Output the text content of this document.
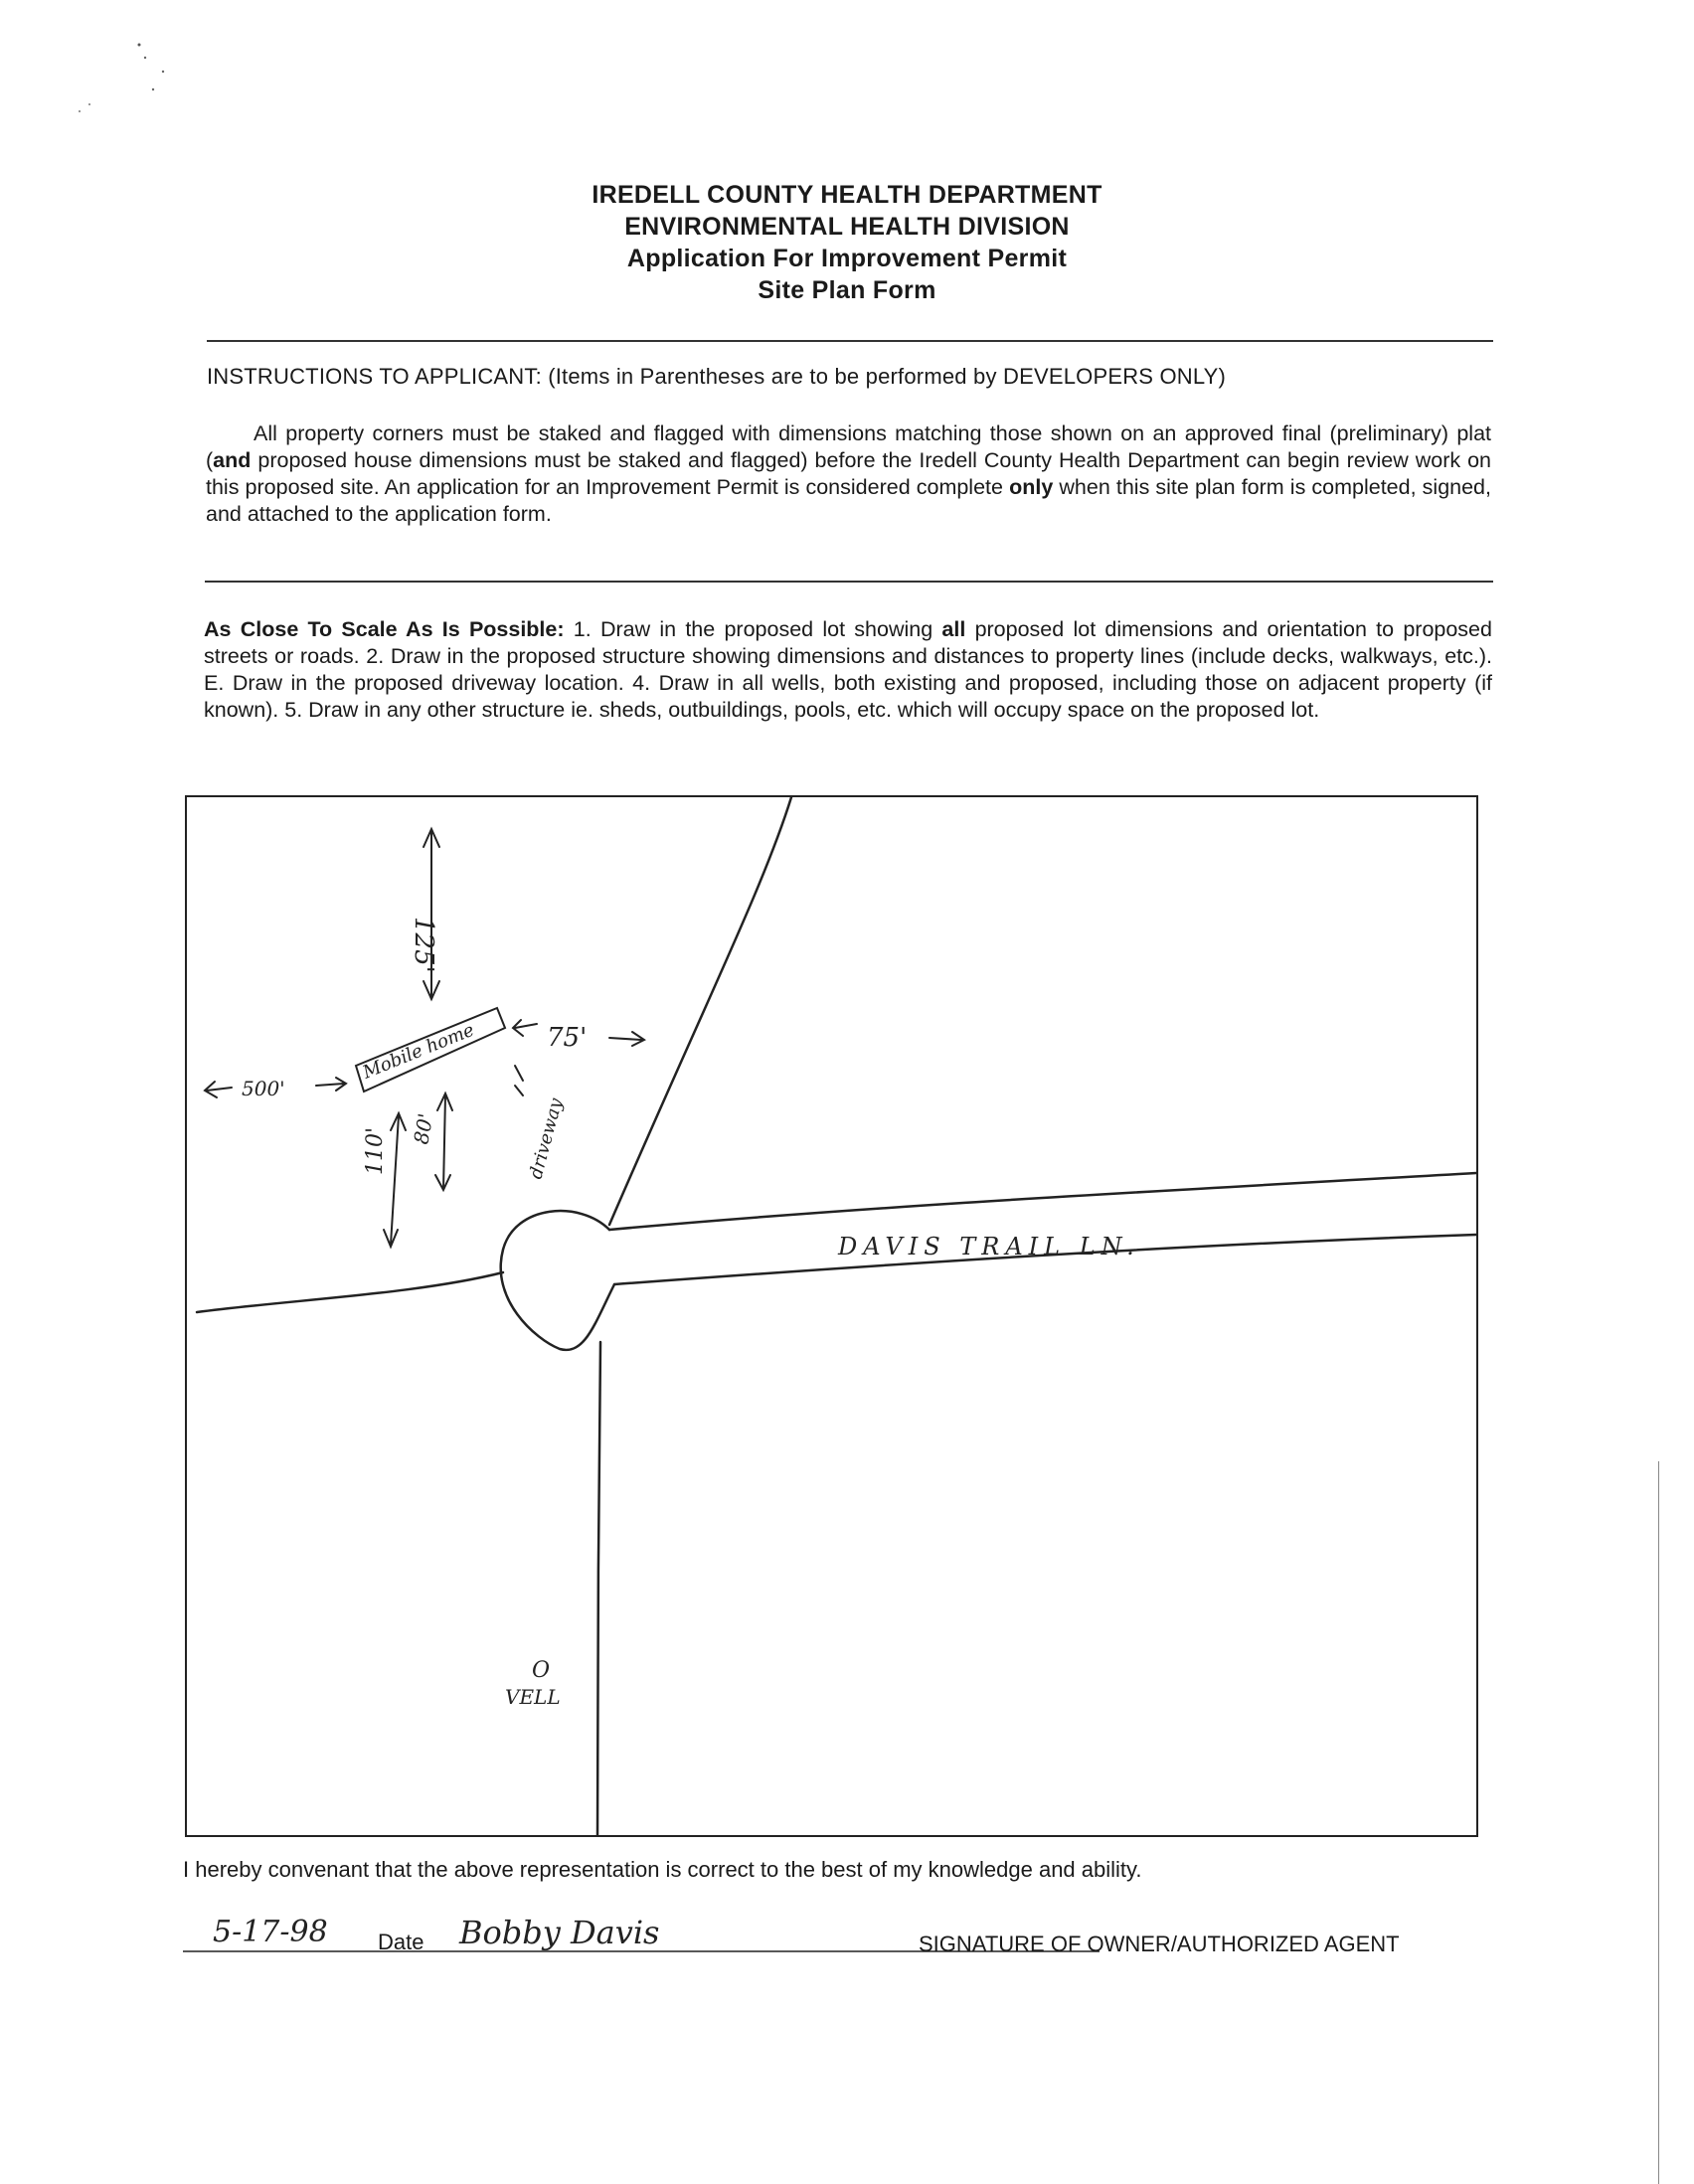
IREDELL COUNTY HEALTH DEPARTMENT
ENVIRONMENTAL HEALTH DIVISION
Application For Improvement Permit
Site Plan Form
INSTRUCTIONS TO APPLICANT: (Items in Parentheses are to be performed by DEVELOPERS ONLY)
All property corners must be staked and flagged with dimensions matching those shown on an approved final (preliminary) plat (and proposed house dimensions must be staked and flagged) before the Iredell County Health Department can begin review work on this proposed site. An application for an Improvement Permit is considered complete only when this site plan form is completed, signed, and attached to the application form.
As Close To Scale As Is Possible: 1. Draw in the proposed lot showing all proposed lot dimensions and orientation to proposed streets or roads. 2. Draw in the proposed structure showing dimensions and distances to property lines (include decks, walkways, etc.). E. Draw in the proposed driveway location. 4. Draw in all wells, both existing and proposed, including those on adjacent property (if known). 5. Draw in any other structure ie. sheds, outbuildings, pools, etc. which will occupy space on the proposed lot.
125'
75'
500'
110' 80'
Mobile home
driveway
DAVIS TRAIL LN.
O
VELL
I hereby convenant that the above representation is correct to the best of my knowledge and ability.
5-17-98 Date Bobby Davis	SIGNATURE OF OWNER/AUTHORIZED AGENT
